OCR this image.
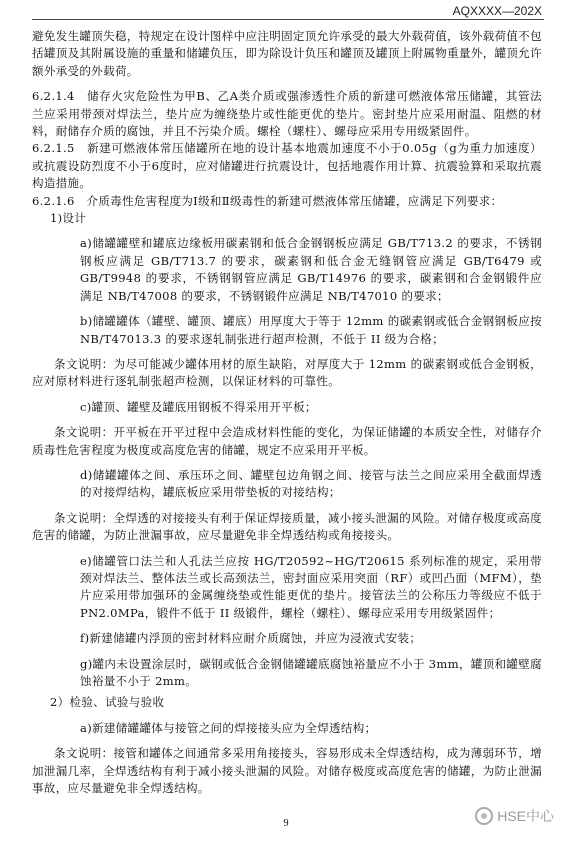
AQXXXX—202X

避免发生罐顶失稳，特规定在设计图样中应注明固定顶允许承受的最大外载荷值，该外载荷值不包括罐顶及其附属设施的重量和储罐负压，即为除设计负压和罐顶及罐顶上附属物重量外，罐顶允许额外承受的外载荷。

6.2.1.4　储存火灾危险性为甲B、乙A类介质或强渗透性介质的新建可燃液体常压储罐，其管法兰应采用带颈对焊法兰，垫片应为缠绕垫片或性能更优的垫片。密封垫片应采用耐温、阻燃的材料，耐储存介质的腐蚀，并且不污染介质。螺栓（螺柱）、螺母应采用专用级紧固件。

6.2.1.5　新建可燃液体常压储罐所在地的设计基本地震加速度不小于0.05g（g为重力加速度）或抗震设防烈度不小于6度时，应对储罐进行抗震设计，包括地震作用计算、抗震验算和采取抗震构造措施。

6.2.1.6　介质毒性危害程度为Ⅰ级和Ⅱ级毒性的新建可燃液体常压储罐，应满足下列要求：

1)设计

a)储罐罐壁和罐底边缘板用碳素钢和低合金钢钢板应满足 GB/T713.2 的要求，不锈钢钢板应满足 GB/T713.7 的要求，碳素钢和低合金无缝钢管应满足 GB/T6479 或 GB/T9948 的要求，不锈钢钢管应满足 GB/T14976 的要求，碳素钢和合金钢锻件应满足 NB/T47008 的要求，不锈钢锻件应满足 NB/T47010 的要求；

b)储罐罐体（罐壁、罐顶、罐底）用厚度大于等于 12mm 的碳素钢或低合金钢钢板应按 NB/T47013.3 的要求逐轧制张进行超声检测，不低于 II 级为合格；

条文说明：为尽可能减少罐体用材的原生缺陷，对厚度大于 12mm 的碳素钢或低合金钢板，应对原材料进行逐轧制张超声检测，以保证材料的可靠性。

c)罐顶、罐壁及罐底用钢板不得采用开平板；

条文说明：开平板在开平过程中会造成材料性能的变化，为保证储罐的本质安全性，对储存介质毒性危害程度为极度或高度危害的储罐，规定不应采用开平板。

d)储罐罐体之间、承压环之间、罐壁包边角钢之间、接管与法兰之间应采用全截面焊透的对接焊结构，罐底板应采用带垫板的对接结构；

条文说明：全焊透的对接接头有利于保证焊接质量，减小接头泄漏的风险。对储存极度或高度危害的储罐，为防止泄漏事故，应尽量避免非全焊透结构或角接接头。

e)储罐管口法兰和人孔法兰应按 HG/T20592~HG/T20615 系列标准的规定，采用带颈对焊法兰、整体法兰或长高颈法兰，密封面应采用突面（RF）或凹凸面（MFM），垫片应采用带加强环的金属缠绕垫或性能更优的垫片。接管法兰的公称压力等级应不低于 PN2.0MPa，锻件不低于 II 级锻件，螺栓（螺柱）、螺母应采用专用级紧固件；

f)新建储罐内浮顶的密封材料应耐介质腐蚀，并应为浸液式安装；

g)罐内未设置涂层时，碳钢或低合金钢储罐罐底腐蚀裕量应不小于 3mm，罐顶和罐壁腐蚀裕量不小于 2mm。

2）检验、试验与验收

a)新建储罐罐体与接管之间的焊接接头应为全焊透结构；

条文说明：接管和罐体之间通常多采用角接接头，容易形成未全焊透结构，成为薄弱环节，增加泄漏几率，全焊透结构有利于减小接头泄漏的风险。对储存极度或高度危害的储罐，为防止泄漏事故，应尽量避免非全焊透结构。

9	HSE中心
